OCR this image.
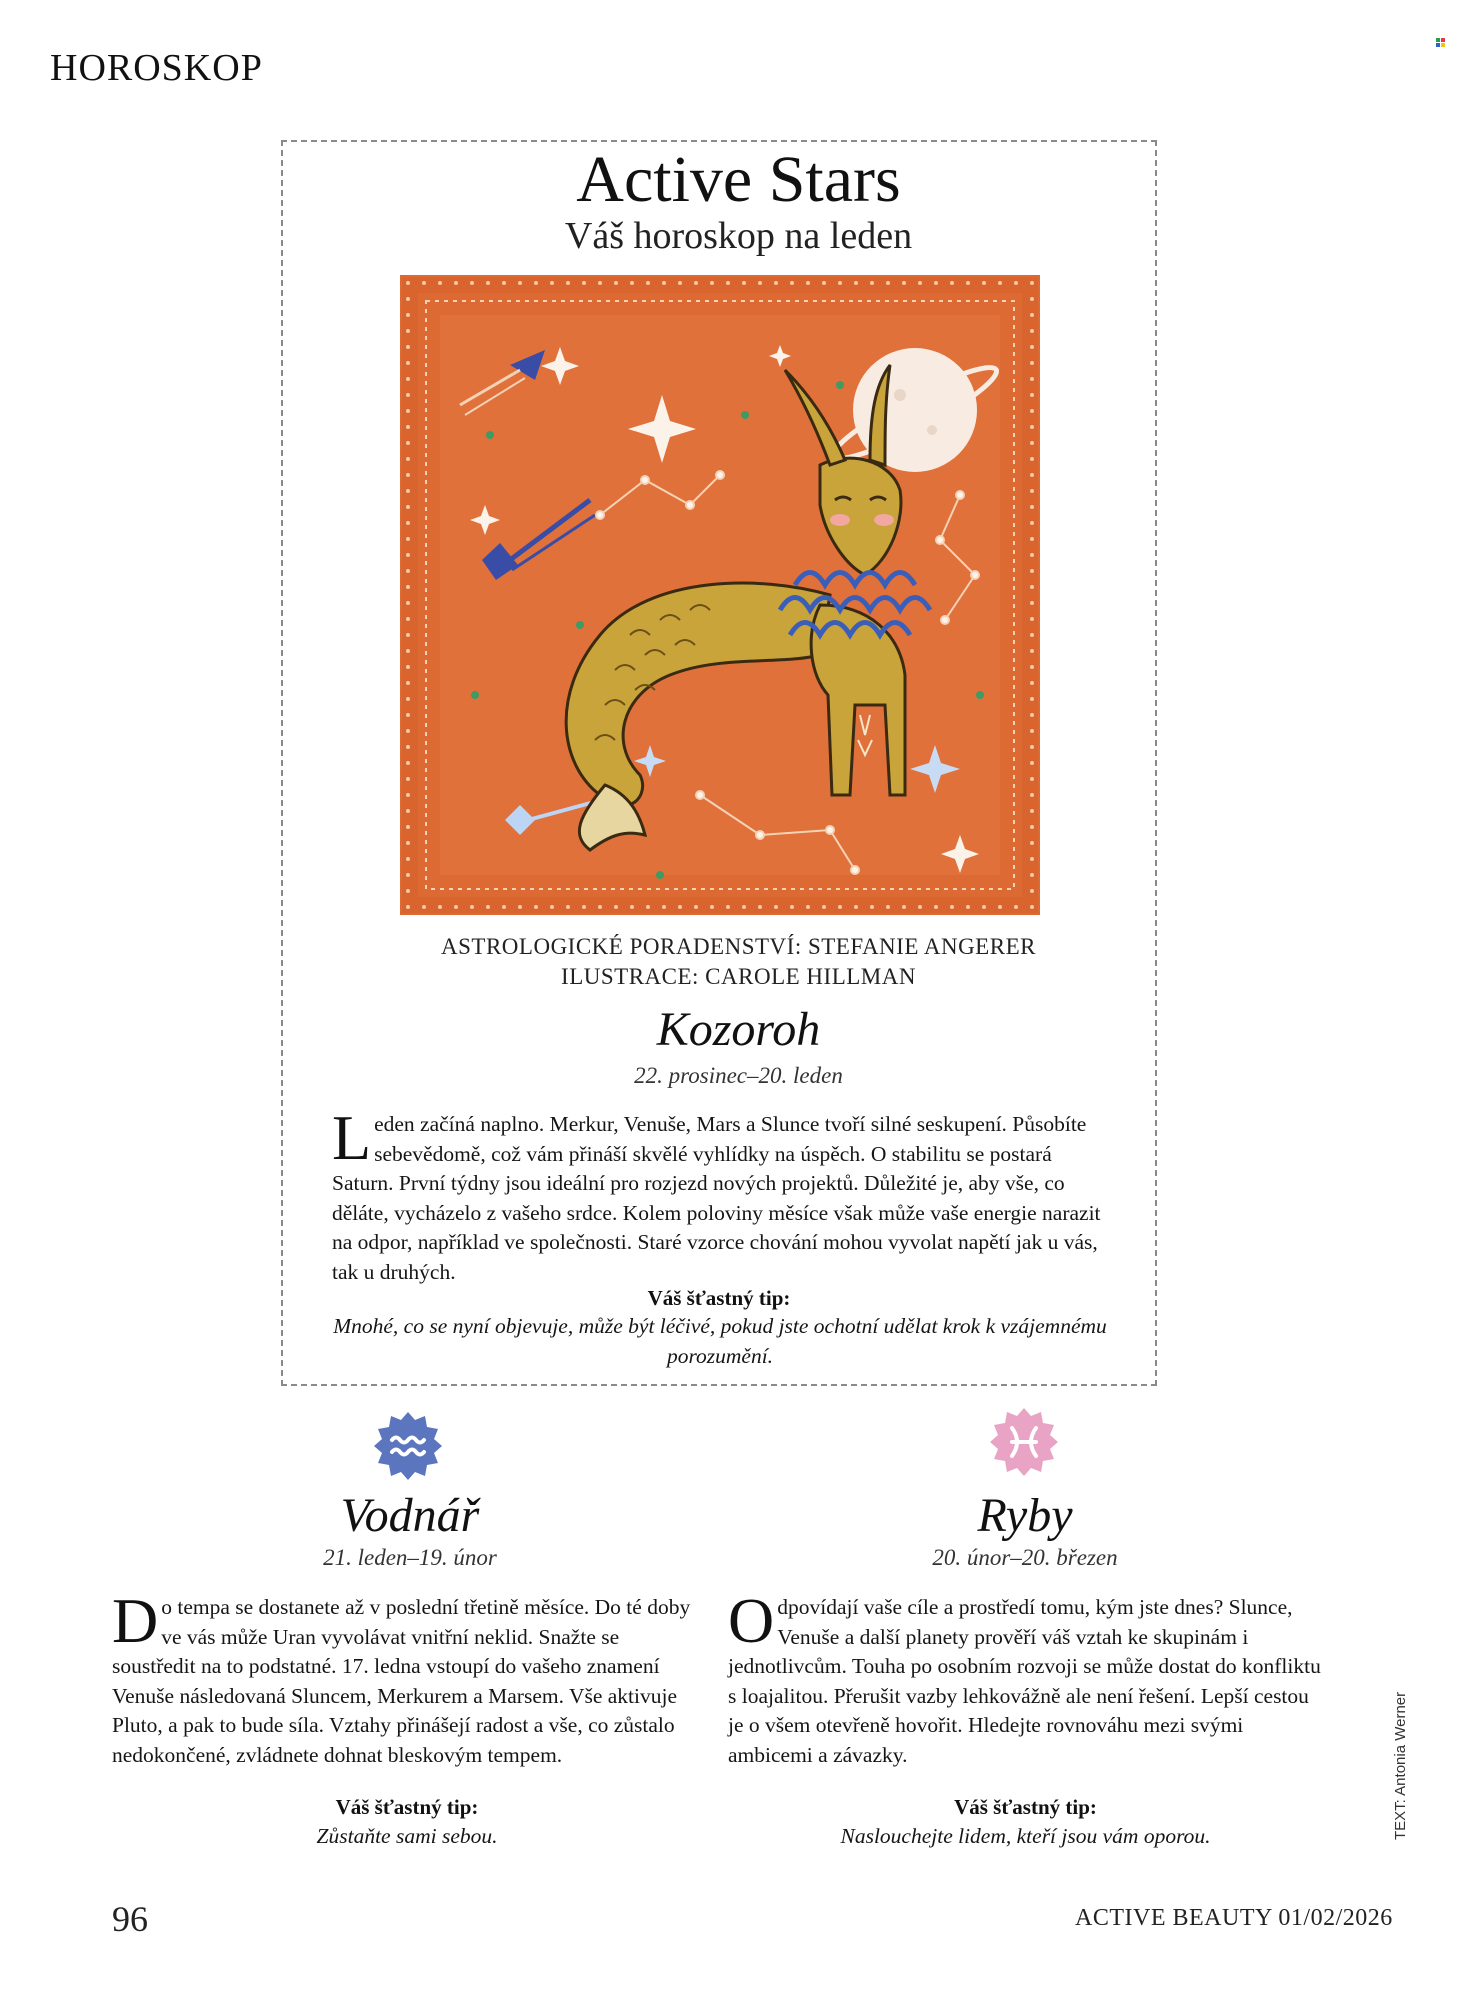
HOROSKOP
Active Stars
Váš horoskop na leden
ASTROLOGICKÉ PORADENSTVÍ: STEFANIE ANGERER
ILUSTRACE: CAROLE HILLMAN
Kozoroh
22. prosinec–20. leden
Leden začíná naplno. Merkur, Venuše, Mars a Slunce tvoří silné seskupení. Působíte sebevědomě, což vám přináší skvělé vyhlídky na úspěch. O stabilitu se postará Saturn. První týdny jsou ideální pro rozjezd nových projektů. Důležité je, aby vše, co děláte, vycházelo z vašeho srdce. Kolem poloviny měsíce však může vaše energie narazit na odpor, například ve společnosti. Staré vzorce chování mohou vyvolat napětí jak u vás, tak u druhých.
Váš šťastný tip:
Mnohé, co se nyní objevuje, může být léčivé, pokud jste ochotní udělat krok k vzájemnému porozumění.
Vodnář
21. leden–19. únor
Do tempa se dostanete až v poslední třetině měsíce. Do té doby ve vás může Uran vyvolávat vnitřní neklid. Snažte se soustředit na to podstatné. 17. ledna vstoupí do vašeho znamení Venuše následovaná Sluncem, Merkurem a Marsem. Vše aktivuje Pluto, a pak to bude síla. Vztahy přinášejí radost a vše, co zůstalo nedokončené, zvládnete dohnat bleskovým tempem.
Váš šťastný tip:
Zůstaňte sami sebou.
Ryby
20. únor–20. březen
Odpovídají vaše cíle a prostředí tomu, kým jste dnes? Slunce, Venuše a další planety prověří váš vztah ke skupinám i jednotlivcům. Touha po osobním rozvoji se může dostat do konfliktu s loajalitou. Přerušit vazby lehkovážně ale není řešení. Lepší cestou je o všem otevřeně hovořit. Hledejte rovnováhu mezi svými ambicemi a závazky.
Váš šťastný tip:
Naslouchejte lidem, kteří jsou vám oporou.	TEXT: Antonia Werner
96	ACTIVE BEAUTY 01/02/2026
